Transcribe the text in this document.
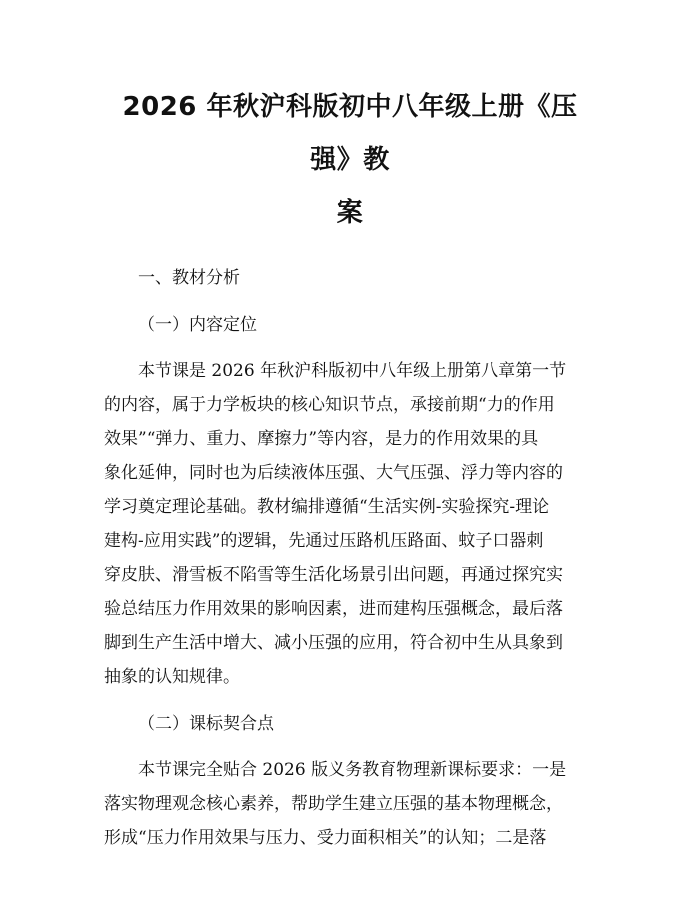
2026 年秋沪科版初中八年级上册《压强》教
案

一、教材分析

（一）内容定位

本节课是 2026 年秋沪科版初中八年级上册第八章第一节
的内容，属于力学板块的核心知识节点，承接前期“力的作用
效果”“弹力、重力、摩擦力”等内容，是力的作用效果的具
象化延伸，同时也为后续液体压强、大气压强、浮力等内容的
学习奠定理论基础。教材编排遵循“生活实例-实验探究-理论
建构-应用实践”的逻辑，先通过压路机压路面、蚊子口器刺
穿皮肤、滑雪板不陷雪等生活化场景引出问题，再通过探究实
验总结压力作用效果的影响因素，进而建构压强概念，最后落
脚到生产生活中增大、减小压强的应用，符合初中生从具象到
抽象的认知规律。

（二）课标契合点

本节课完全贴合 2026 版义务教育物理新课标要求：一是
落实物理观念核心素养，帮助学生建立压强的基本物理概念，
形成“压力作用效果与压力、受力面积相关”的认知；二是落
